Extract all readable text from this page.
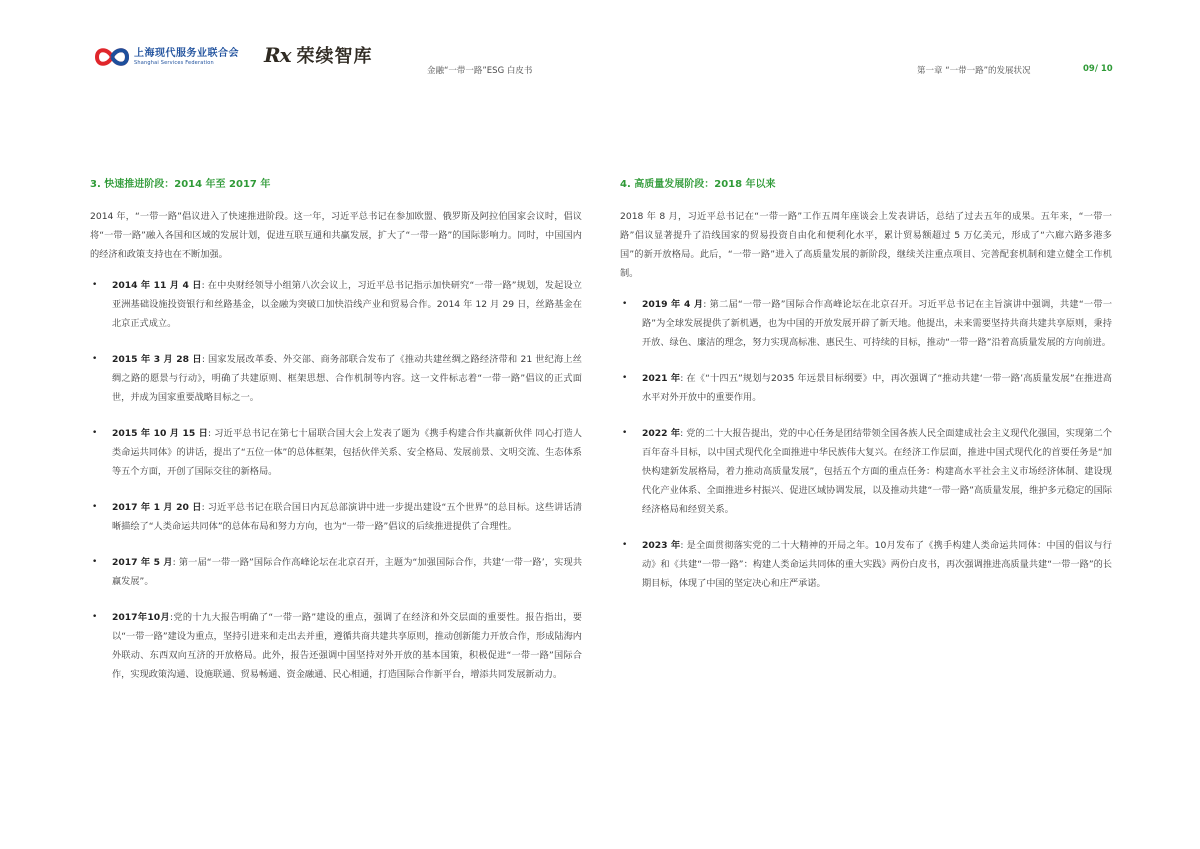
上海现代服务业联合会
Shanghai Services Federation	Rx 荣续智库
金融“一带一路”ESG 白皮书	第一章 “一带一路”的发展状况	09/ 10
3. 快速推进阶段：2014 年至 2017 年
2014 年，“一带一路”倡议进入了快速推进阶段。这一年，习近平总书记在参加欧盟、俄罗斯及阿拉伯国家会议时，倡议将“一带一路”融入各国和区域的发展计划，促进互联互通和共赢发展，扩大了“一带一路”的国际影响力。同时，中国国内的经济和政策支持也在不断加强。
• 2014 年 11 月 4 日: 在中央财经领导小组第八次会议上，习近平总书记指示加快研究“一带一路”规划，发起设立亚洲基础设施投资银行和丝路基金，以金融为突破口加快沿线产业和贸易合作。2014 年 12 月 29 日，丝路基金在北京正式成立。
• 2015 年 3 月 28 日: 国家发展改革委、外交部、商务部联合发布了《推动共建丝绸之路经济带和 21 世纪海上丝绸之路的愿景与行动》，明确了共建原则、框架思想、合作机制等内容。这一文件标志着“一带一路”倡议的正式面世，并成为国家重要战略目标之一。
• 2015 年 10 月 15 日: 习近平总书记在第七十届联合国大会上发表了题为《携手构建合作共赢新伙伴 同心打造人类命运共同体》的讲话，提出了“五位一体”的总体框架，包括伙伴关系、安全格局、发展前景、文明交流、生态体系等五个方面，开创了国际交往的新格局。
• 2017 年 1 月 20 日: 习近平总书记在联合国日内瓦总部演讲中进一步提出建设“五个世界”的总目标。这些讲话清晰描绘了“人类命运共同体”的总体布局和努力方向，也为“一带一路”倡议的后续推进提供了合理性。
• 2017 年 5 月: 第一届“一带一路”国际合作高峰论坛在北京召开，主题为“加强国际合作，共建‘一带一路’，实现共赢发展”。
• 2017年10月:党的十九大报告明确了“一带一路”建设的重点，强调了在经济和外交层面的重要性。报告指出，要以“一带一路”建设为重点，坚持引进来和走出去并重，遵循共商共建共享原则，推动创新能力开放合作，形成陆海内外联动、东西双向互济的开放格局。此外，报告还强调中国坚持对外开放的基本国策，积极促进“一带一路”国际合作，实现政策沟通、设施联通、贸易畅通、资金融通、民心相通，打造国际合作新平台，增添共同发展新动力。
4. 高质量发展阶段：2018 年以来
2018 年 8 月，习近平总书记在“一带一路”工作五周年座谈会上发表讲话，总结了过去五年的成果。五年来，“一带一路”倡议显著提升了沿线国家的贸易投资自由化和便利化水平，累计贸易额超过 5 万亿美元，形成了“六廊六路多港多国”的新开放格局。此后，“一带一路”进入了高质量发展的新阶段，继续关注重点项目、完善配套机制和建立健全工作机制。
• 2019 年 4 月: 第二届“一带一路”国际合作高峰论坛在北京召开。习近平总书记在主旨演讲中强调，共建“一带一路”为全球发展提供了新机遇，也为中国的开放发展开辟了新天地。他提出，未来需要坚持共商共建共享原则，秉持开放、绿色、廉洁的理念，努力实现高标准、惠民生、可持续的目标，推动“一带一路”沿着高质量发展的方向前进。
• 2021 年: 在《“十四五”规划与2035 年远景目标纲要》中，再次强调了“推动共建‘一带一路’高质量发展”在推进高水平对外开放中的重要作用。
• 2022 年: 党的二十大报告提出，党的中心任务是团结带领全国各族人民全面建成社会主义现代化强国，实现第二个百年奋斗目标，以中国式现代化全面推进中华民族伟大复兴。在经济工作层面，推进中国式现代化的首要任务是“加快构建新发展格局，着力推动高质量发展”，包括五个方面的重点任务：构建高水平社会主义市场经济体制、建设现代化产业体系、全面推进乡村振兴、促进区域协调发展，以及推动共建“一带一路”高质量发展，维护多元稳定的国际经济格局和经贸关系。
• 2023 年: 是全面贯彻落实党的二十大精神的开局之年。10月发布了《携手构建人类命运共同体：中国的倡议与行动》和《共建“一带一路”：构建人类命运共同体的重大实践》两份白皮书，再次强调推进高质量共建“一带一路”的长期目标，体现了中国的坚定决心和庄严承诺。
